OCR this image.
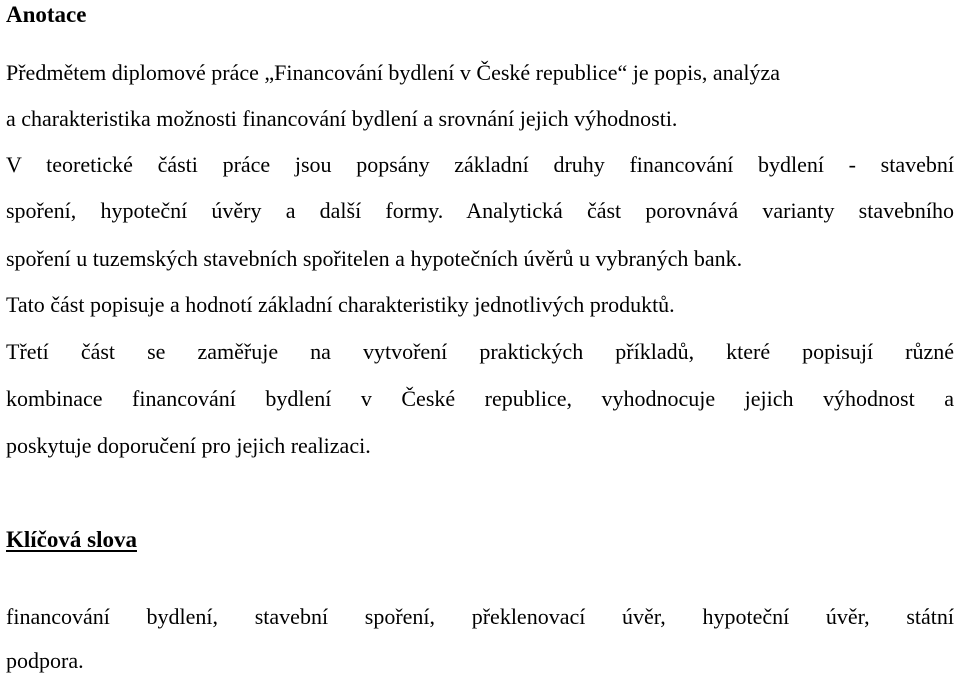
Anotace
Předmětem diplomové práce „Financování bydlení v České republice“ je popis, analýza
a charakteristika možnosti financování bydlení a srovnání jejich výhodnosti.
V teoretické části práce jsou popsány základní druhy financování bydlení - stavební
spoření, hypoteční úvěry a další formy. Analytická část porovnává varianty stavebního
spoření u tuzemských stavebních spořitelen a hypotečních úvěrů u vybraných bank.
Tato část popisuje a hodnotí základní charakteristiky jednotlivých produktů.
Třetí část se zaměřuje na vytvoření praktických příkladů, které popisují různé
kombinace financování bydlení v České republice, vyhodnocuje jejich výhodnost a
poskytuje doporučení pro jejich realizaci.
Klíčová slova
financování bydlení, stavební spoření, překlenovací úvěr, hypoteční úvěr, státní
podpora.
